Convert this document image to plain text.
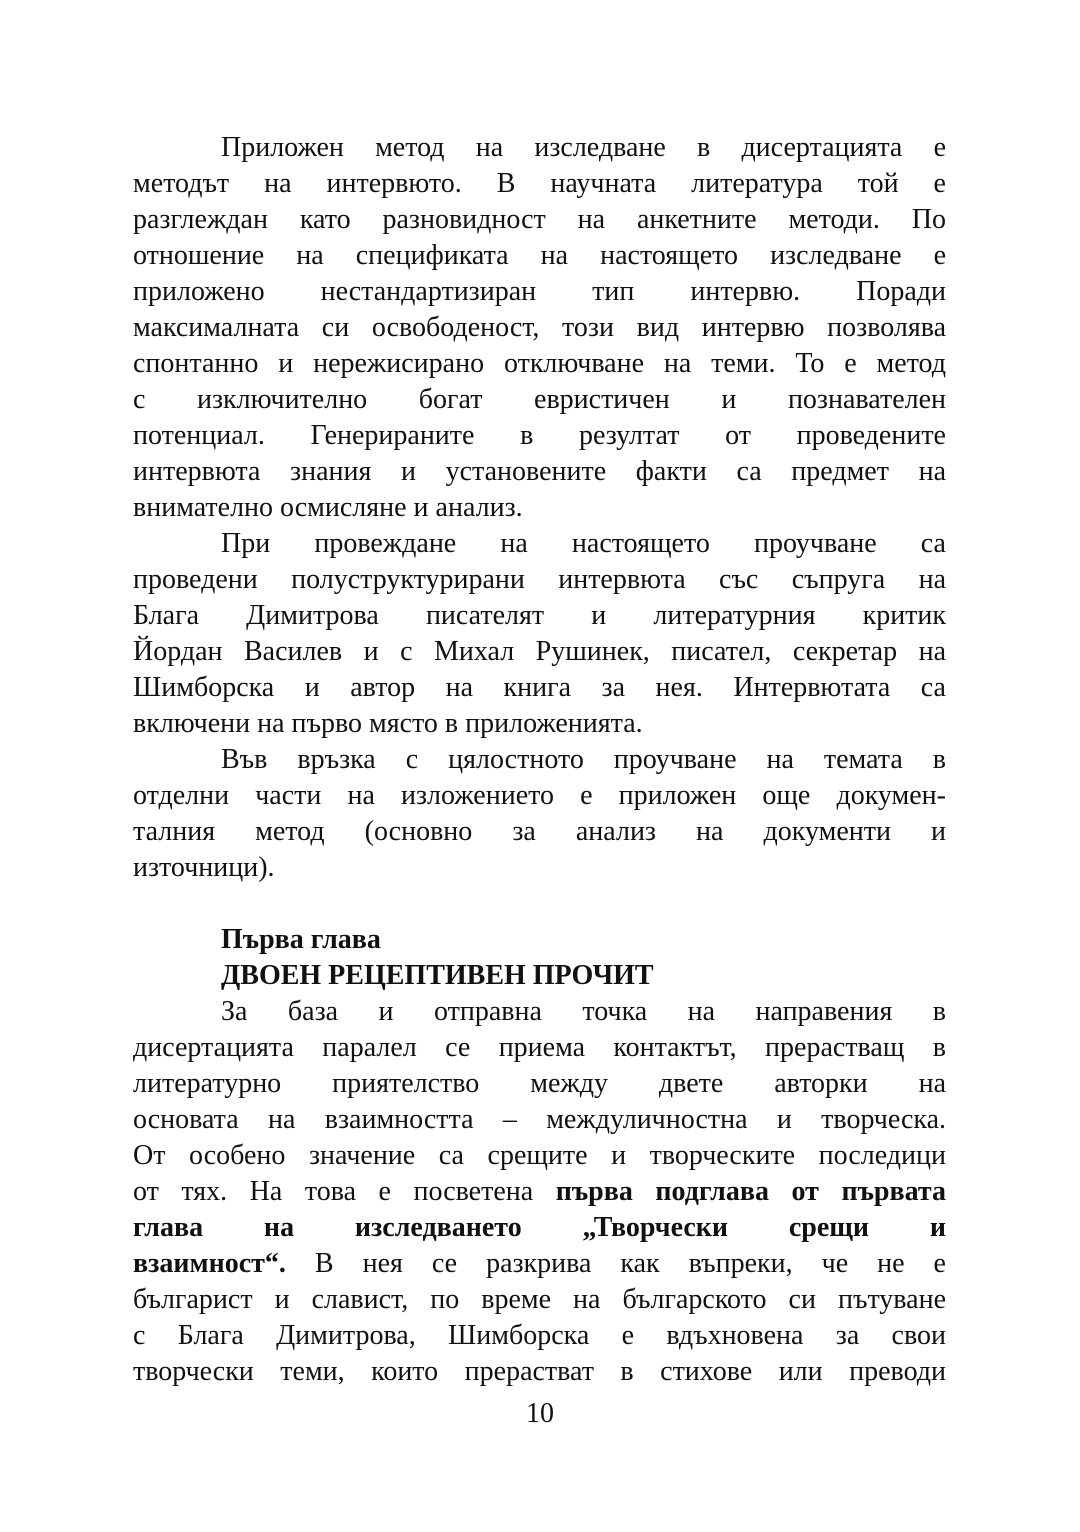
Приложен метод на изследване в дисертацията е
методът на интервюто. В научната литература той е
разглеждан като разновидност на анкетните методи. По
отношение на спецификата на настоящето изследване е
приложено нестандартизиран тип интервю. Поради
максималната си освободеност, този вид интервю позволява
спонтанно и нережисирано отключване на теми. То е метод
с изключително богат евристичен и познавателен
потенциал. Генерираните в резултат от проведените
интервюта знания и установените факти са предмет на
внимателно осмисляне и анализ.
При провеждане на настоящето проучване са
проведени полуструктурирани интервюта със съпруга на
Блага Димитрова писателят и литературния критик
Йордан Василев и с Михал Рушинек, писател, секретар на
Шимборска и автор на книга за нея. Интервютата са
включени на първо място в приложенията.
Във връзка с цялостното проучване на темата в
отделни части на изложението е приложен още докумен-
талния метод (основно за анализ на документи и
източници).
Първа глава
ДВОЕН РЕЦЕПТИВЕН ПРОЧИТ
За база и отправна точка на направения в
дисертацията паралел се приема контактът, прерастващ в
литературно приятелство между двете авторки на
основата на взаимността – междуличностна и творческа.
От особено значение са срещите и творческите последици
от тях. На това е посветена първа подглава от първата
глава на изследването „Творчески срещи и
взаимност“. В нея се разкрива как въпреки, че не е
българист и славист, по време на българското си пътуване
с Блага Димитрова, Шимборска е вдъхновена за свои
творчески теми, които прерастват в стихове или преводи
10
